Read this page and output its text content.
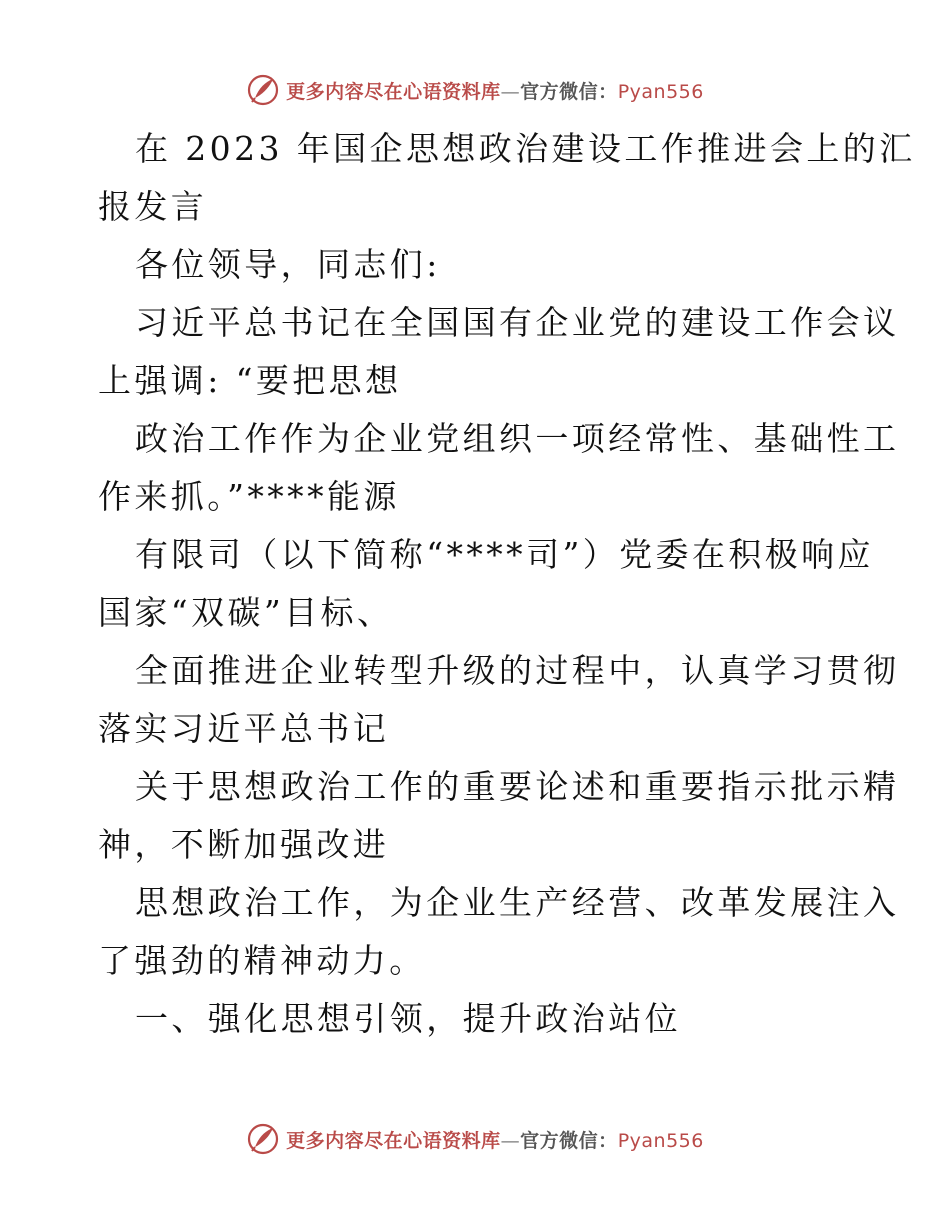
更多内容尽在心语资料库—官方微信：Pyan556
在 2023 年国企思想政治建设工作推进会上的汇
报发言
各位领导，同志们:
习近平总书记在全国国有企业党的建设工作会议
上强调: “要把思想
政治工作作为企业党组织一项经常性、基础性工
作来抓。”****能源
有限司（以下简称“****司”）党委在积极响应
国家“双碳”目标、
全面推进企业转型升级的过程中，认真学习贯彻
落实习近平总书记
关于思想政治工作的重要论述和重要指示批示精
神，不断加强改进
思想政治工作，为企业生产经营、改革发展注入
了强劲的精神动力。
一、强化思想引领，提升政治站位
更多内容尽在心语资料库—官方微信：Pyan556
